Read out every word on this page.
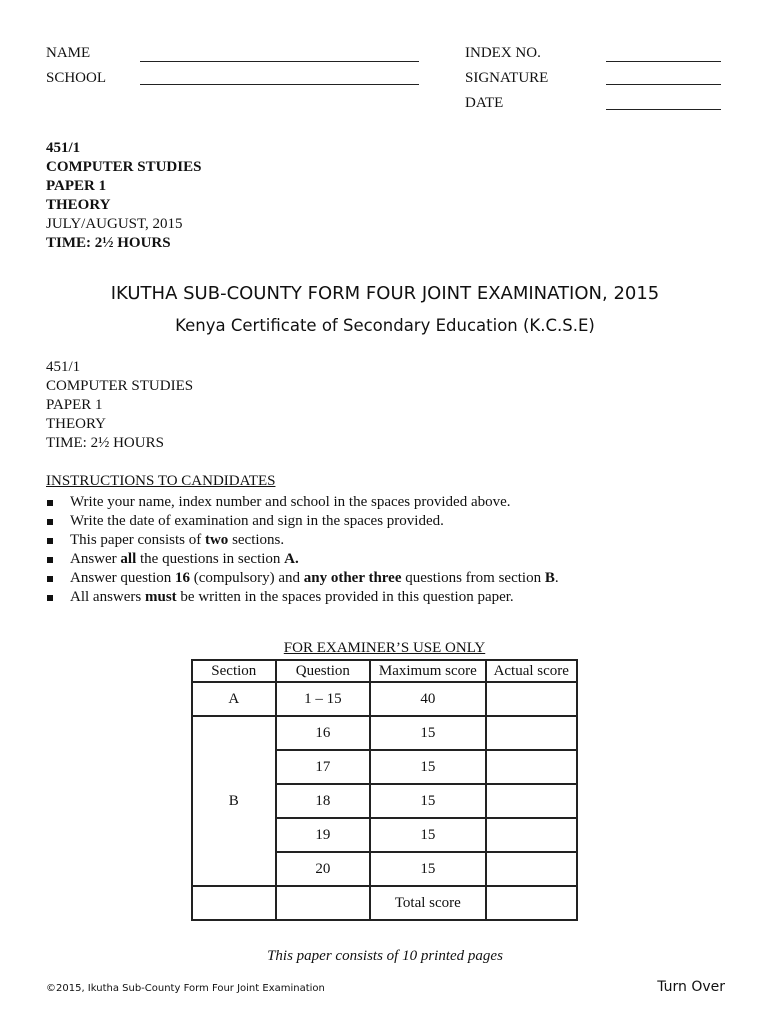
NAME
SCHOOL
INDEX NO.
SIGNATURE
DATE
451/1
COMPUTER STUDIES
PAPER 1
THEORY
JULY/AUGUST, 2015
TIME: 2½ HOURS
IKUTHA SUB-COUNTY FORM FOUR JOINT EXAMINATION, 2015
Kenya Certificate of Secondary Education (K.C.S.E)
451/1
COMPUTER STUDIES
PAPER 1
THEORY
TIME: 2½ HOURS
INSTRUCTIONS TO CANDIDATES
Write your name, index number and school in the spaces provided above.
Write the date of examination and sign in the spaces provided.
This paper consists of two sections.
Answer all the questions in section A.
Answer question 16 (compulsory) and any other three questions from section B.
All answers must be written in the spaces provided in this question paper.
FOR EXAMINER’S USE ONLY
Section	Question	Maximum score	Actual score
A	1 – 15	40	
B	16	15	
	17	15	
	18	15	
	19	15	
	20	15	
		Total score	
This paper consists of 10 printed pages
©2015, Ikutha Sub-County Form Four Joint Examination	Turn Over
